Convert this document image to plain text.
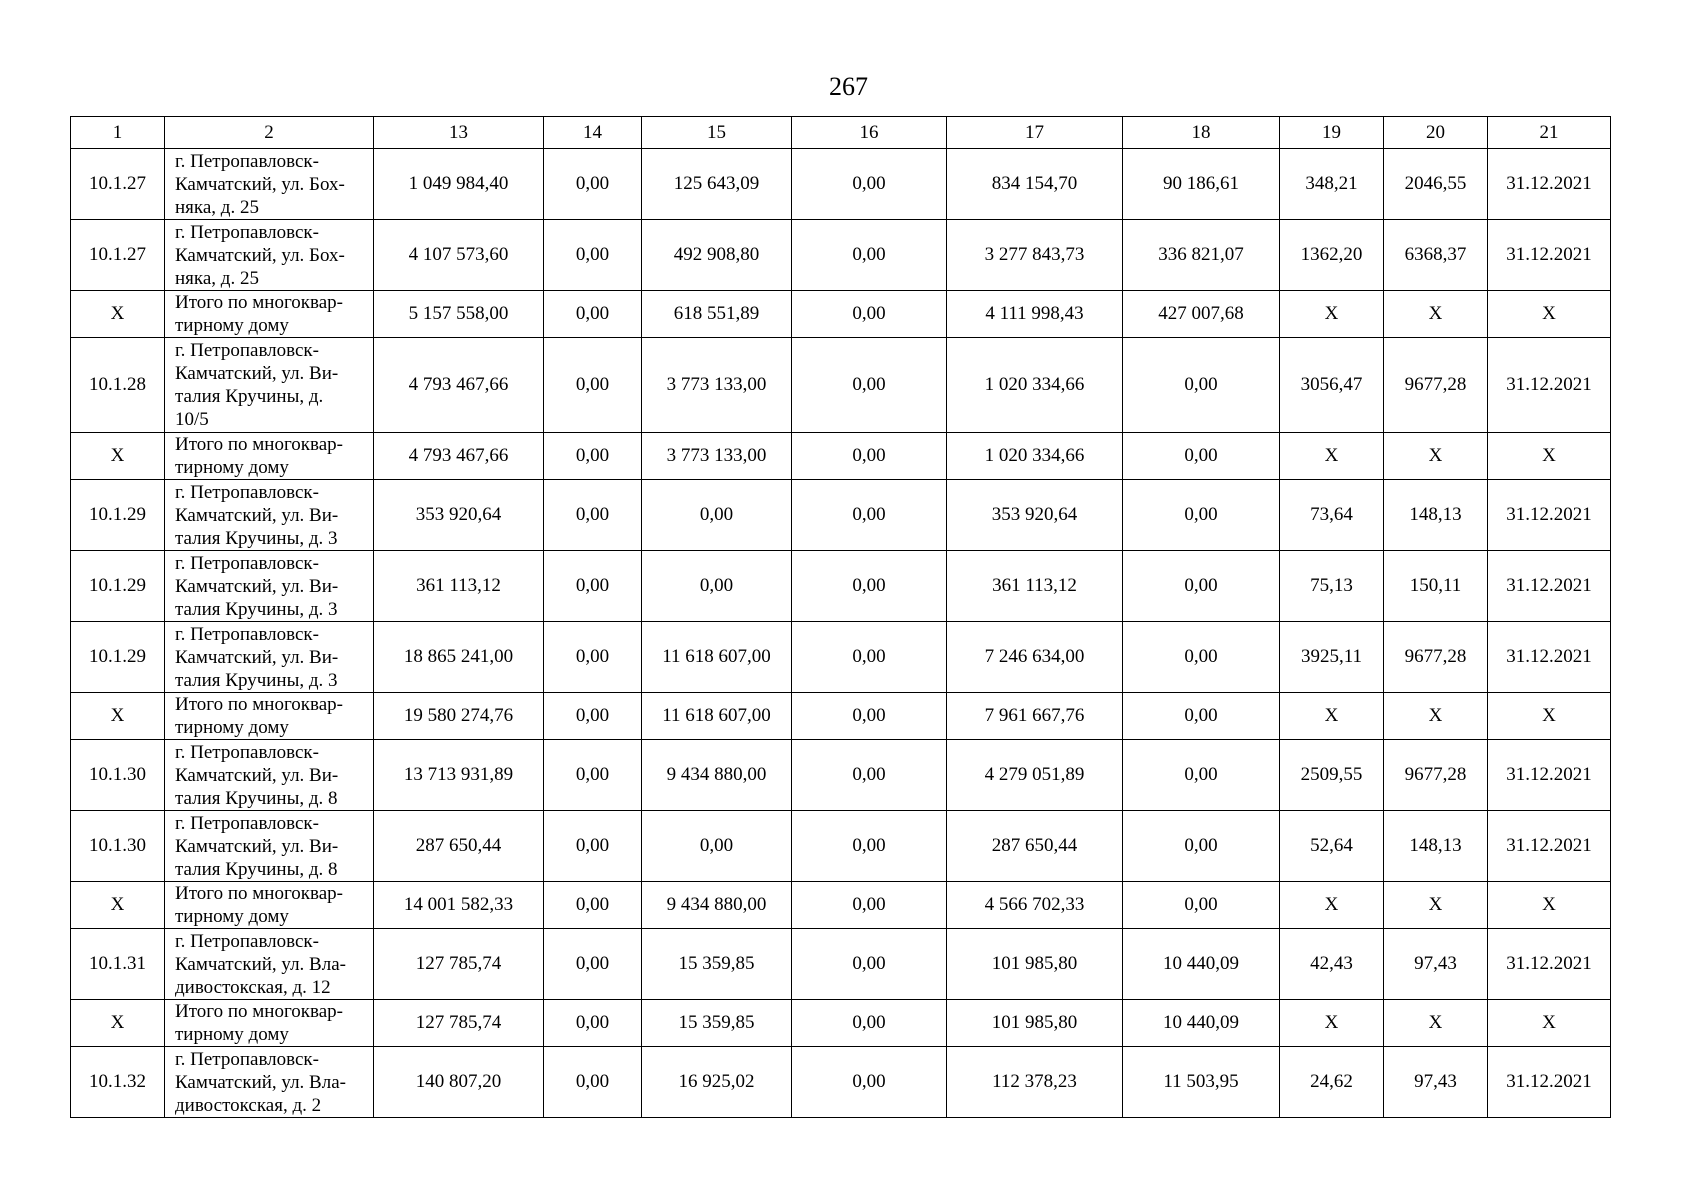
267
1	2	13	14	15	16	17	18	19	20	21
10.1.27	г. Петропавловск-
Камчатский, ул. Бох-
няка, д. 25	1 049 984,40	0,00	125 643,09	0,00	834 154,70	90 186,61	348,21	2046,55	31.12.2021
10.1.27	г. Петропавловск-
Камчатский, ул. Бох-
няка, д. 25	4 107 573,60	0,00	492 908,80	0,00	3 277 843,73	336 821,07	1362,20	6368,37	31.12.2021
Х	Итого по многоквар-
тирному дому	5 157 558,00	0,00	618 551,89	0,00	4 111 998,43	427 007,68	Х	Х	Х
10.1.28	г. Петропавловск-
Камчатский, ул. Ви-
талия Кручины, д.
10/5	4 793 467,66	0,00	3 773 133,00	0,00	1 020 334,66	0,00	3056,47	9677,28	31.12.2021
Х	Итого по многоквар-
тирному дому	4 793 467,66	0,00	3 773 133,00	0,00	1 020 334,66	0,00	Х	Х	Х
10.1.29	г. Петропавловск-
Камчатский, ул. Ви-
талия Кручины, д. 3	353 920,64	0,00	0,00	0,00	353 920,64	0,00	73,64	148,13	31.12.2021
10.1.29	г. Петропавловск-
Камчатский, ул. Ви-
талия Кручины, д. 3	361 113,12	0,00	0,00	0,00	361 113,12	0,00	75,13	150,11	31.12.2021
10.1.29	г. Петропавловск-
Камчатский, ул. Ви-
талия Кручины, д. 3	18 865 241,00	0,00	11 618 607,00	0,00	7 246 634,00	0,00	3925,11	9677,28	31.12.2021
Х	Итого по многоквар-
тирному дому	19 580 274,76	0,00	11 618 607,00	0,00	7 961 667,76	0,00	Х	Х	Х
10.1.30	г. Петропавловск-
Камчатский, ул. Ви-
талия Кручины, д. 8	13 713 931,89	0,00	9 434 880,00	0,00	4 279 051,89	0,00	2509,55	9677,28	31.12.2021
10.1.30	г. Петропавловск-
Камчатский, ул. Ви-
талия Кручины, д. 8	287 650,44	0,00	0,00	0,00	287 650,44	0,00	52,64	148,13	31.12.2021
Х	Итого по многоквар-
тирному дому	14 001 582,33	0,00	9 434 880,00	0,00	4 566 702,33	0,00	Х	Х	Х
10.1.31	г. Петропавловск-
Камчатский, ул. Вла-
дивостокская, д. 12	127 785,74	0,00	15 359,85	0,00	101 985,80	10 440,09	42,43	97,43	31.12.2021
Х	Итого по многоквар-
тирному дому	127 785,74	0,00	15 359,85	0,00	101 985,80	10 440,09	Х	Х	Х
10.1.32	г. Петропавловск-
Камчатский, ул. Вла-
дивостокская, д. 2	140 807,20	0,00	16 925,02	0,00	112 378,23	11 503,95	24,62	97,43	31.12.2021
